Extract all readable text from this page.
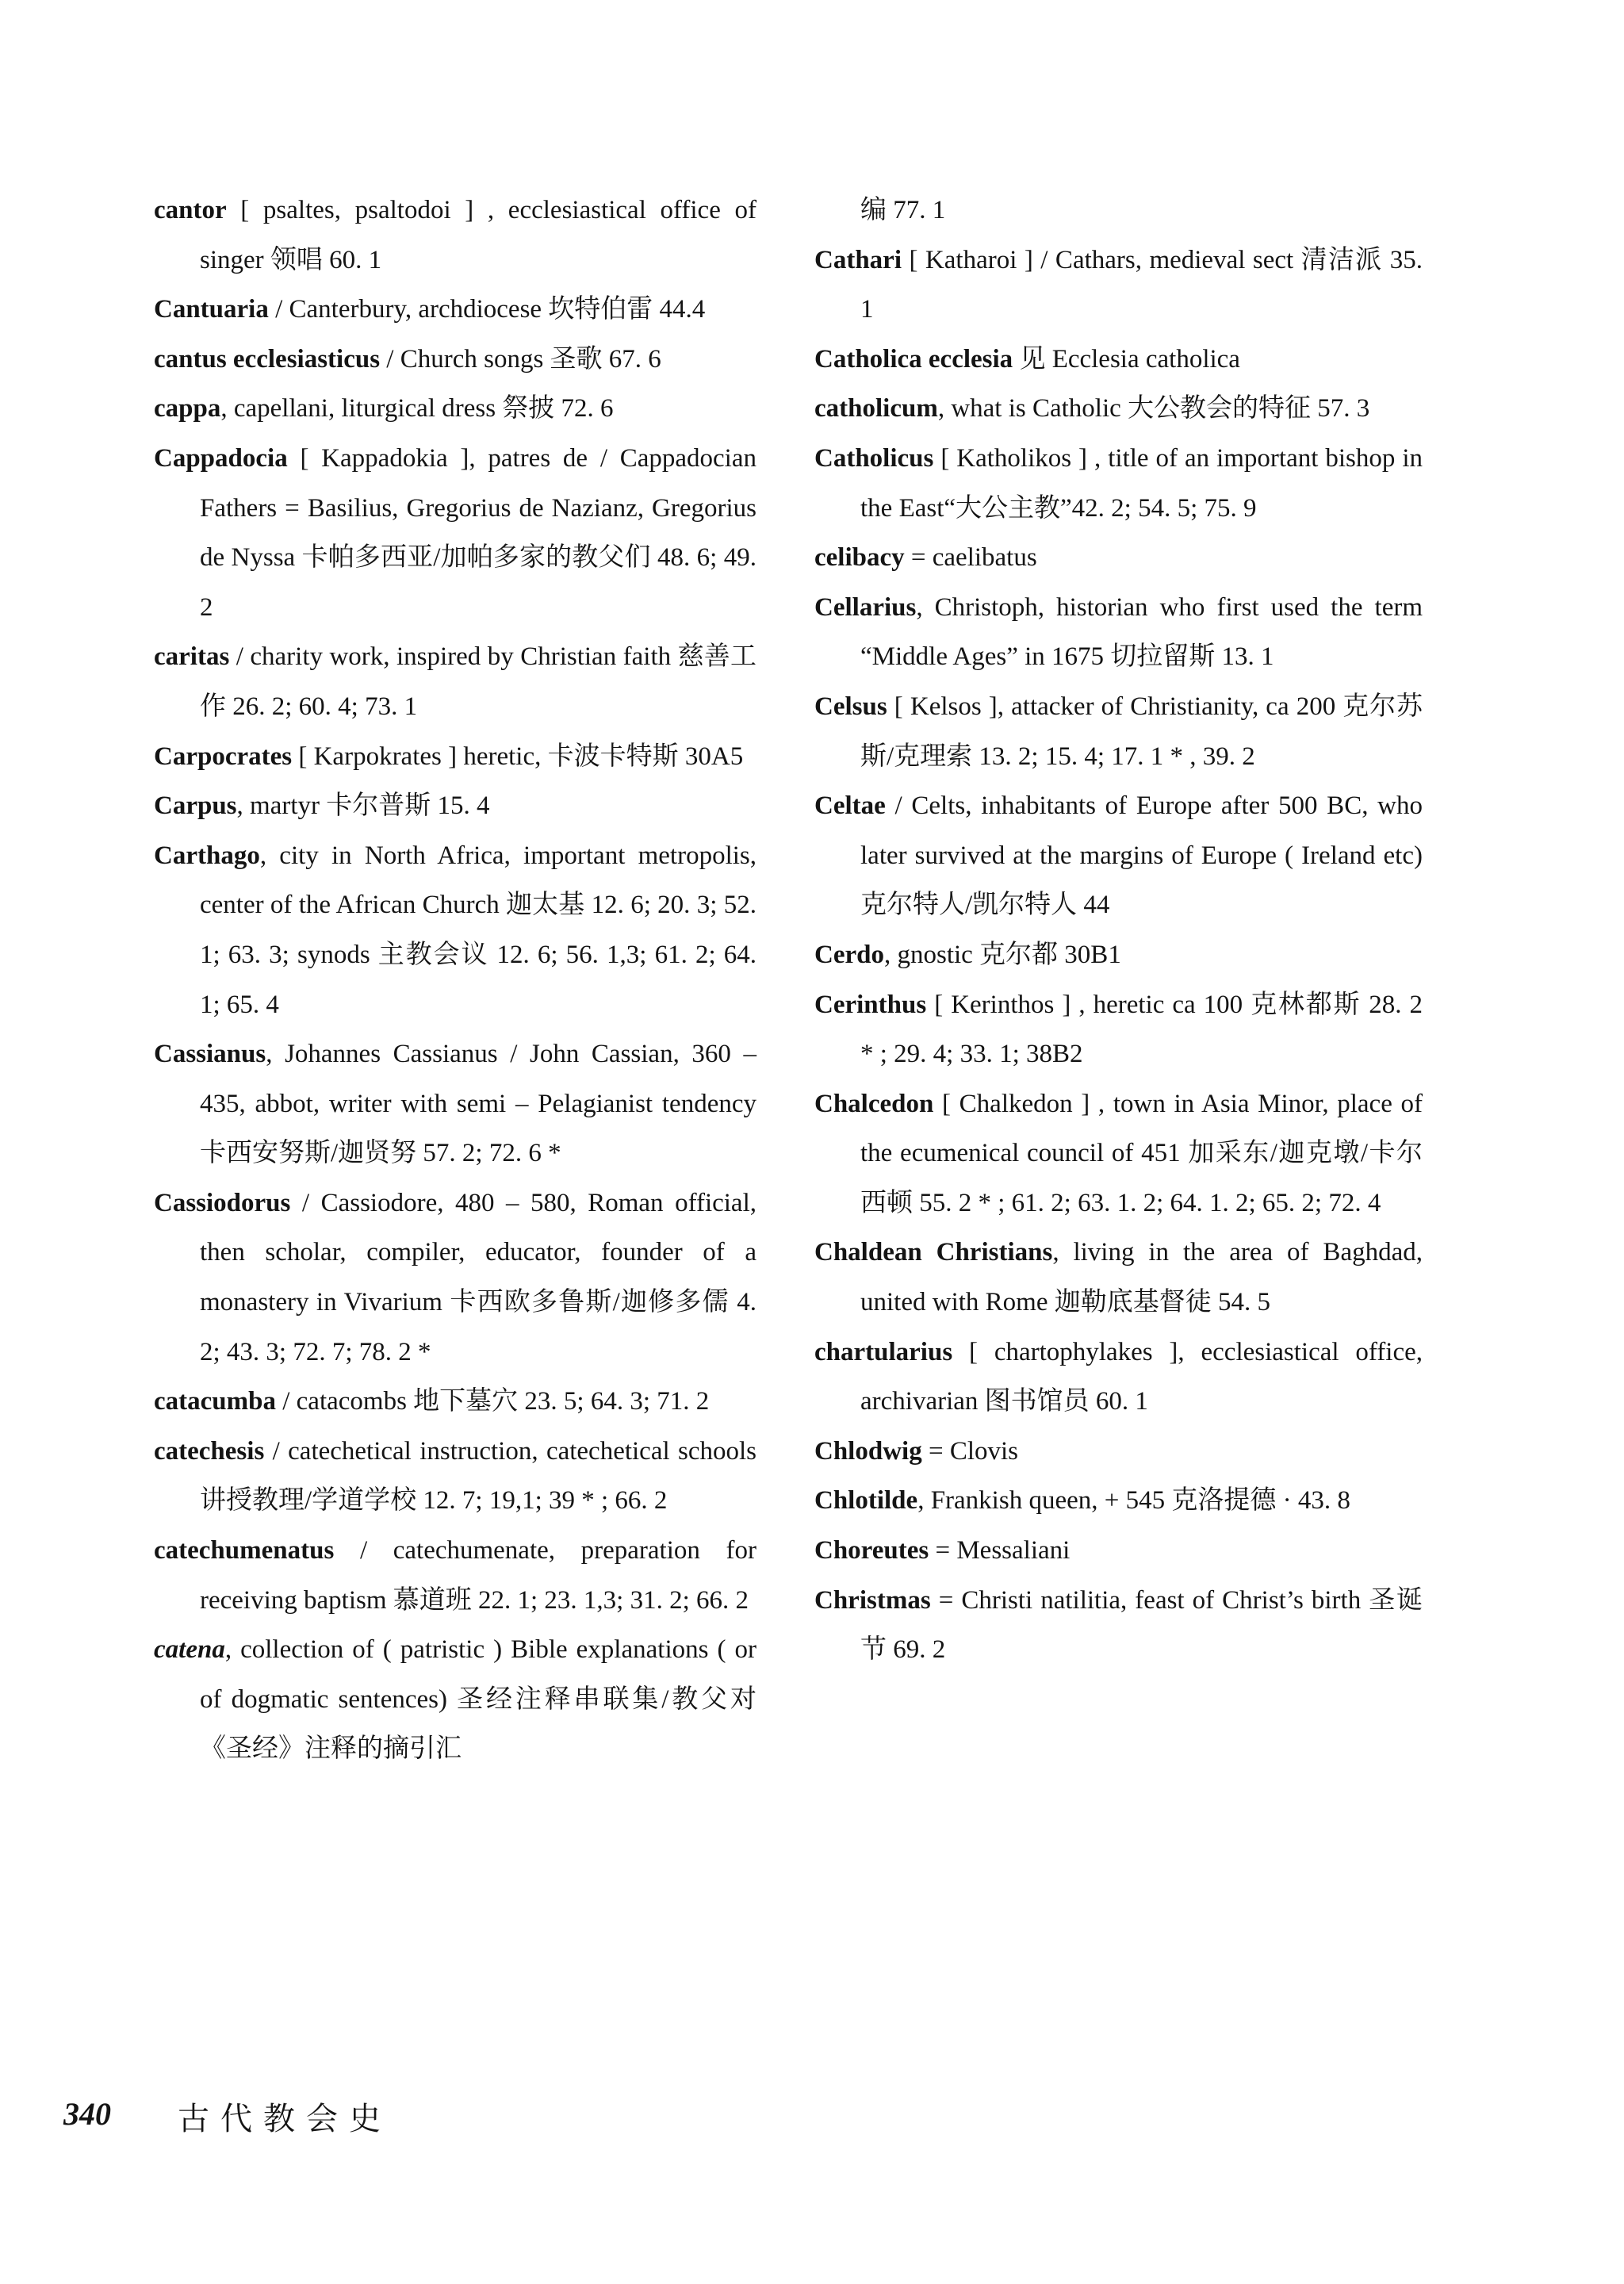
cantor [ psaltes, psaltodoi ] , ecclesiastical office of singer 领唱 60. 1

Cantuaria / Canterbury, archdiocese 坎特伯雷 44.4

cantus ecclesiasticus / Church songs 圣歌 67. 6

cappa, capellani, liturgical dress 祭披 72. 6

Cappadocia [ Kappadokia ], patres de / Cappadocian Fathers = Basilius, Gregorius de Nazianz, Gregorius de Nyssa 卡帕多西亚/加帕多家的教父们 48. 6; 49. 2

caritas / charity work, inspired by Christian faith 慈善工作 26. 2; 60. 4; 73. 1

Carpocrates [ Karpokrates ] heretic, 卡波卡特斯 30A5

Carpus, martyr 卡尔普斯 15. 4

Carthago, city in North Africa, important metropolis, center of the African Church 迦太基 12. 6; 20. 3; 52. 1; 63. 3; synods 主教会议 12. 6; 56. 1,3; 61. 2; 64. 1; 65. 4

Cassianus, Johannes Cassianus / John Cassian, 360 – 435, abbot, writer with semi – Pelagianist tendency 卡西安努斯/迦贤努 57. 2; 72. 6 *

Cassiodorus / Cassiodore, 480 – 580, Roman official, then scholar, compiler, educator, founder of a monastery in Vivarium 卡西欧多鲁斯/迦修多儒 4. 2; 43. 3; 72. 7; 78. 2 *

catacumba / catacombs 地下墓穴 23. 5; 64. 3; 71. 2

catechesis / catechetical instruction, catechetical schools 讲授教理/学道学校 12. 7; 19,1; 39 * ; 66. 2

catechumenatus / catechumenate, preparation for receiving baptism 慕道班 22. 1; 23. 1,3; 31. 2; 66. 2

catena, collection of ( patristic ) Bible explanations ( or of dogmatic sentences) 圣经注释串联集/教父对《圣经》注释的摘引汇

编 77. 1

Cathari [ Katharoi ] / Cathars, medieval sect 清洁派 35. 1

Catholica ecclesia 见 Ecclesia catholica

catholicum, what is Catholic 大公教会的特征 57. 3

Catholicus [ Katholikos ] , title of an important bishop in the East“大公主教”42. 2; 54. 5; 75. 9

celibacy = caelibatus

Cellarius, Christoph, historian who first used the term “Middle Ages” in 1675 切拉留斯 13. 1

Celsus [ Kelsos ], attacker of Christianity, ca 200 克尔苏斯/克理索 13. 2; 15. 4; 17. 1 * , 39. 2

Celtae / Celts, inhabitants of Europe after 500 BC, who later survived at the margins of Europe ( Ireland etc) 克尔特人/凯尔特人 44

Cerdo, gnostic 克尔都 30B1

Cerinthus [ Kerinthos ] , heretic ca 100 克林都斯 28. 2 * ; 29. 4; 33. 1; 38B2

Chalcedon [ Chalkedon ] , town in Asia Minor, place of the ecumenical council of 451 加采东/迦克墩/卡尔西顿 55. 2 * ; 61. 2; 63. 1. 2; 64. 1. 2; 65. 2; 72. 4

Chaldean Christians, living in the area of Baghdad, united with Rome 迦勒底基督徒 54. 5

chartularius [ chartophylakes ], ecclesiastical office, archivarian 图书馆员 60. 1

Chlodwig = Clovis

Chlotilde, Frankish queen, + 545 克洛提德 · 43. 8

Choreutes = Messaliani

Christmas = Christi natilitia, feast of Christ’s birth 圣诞节 69. 2

340 古代教会史
